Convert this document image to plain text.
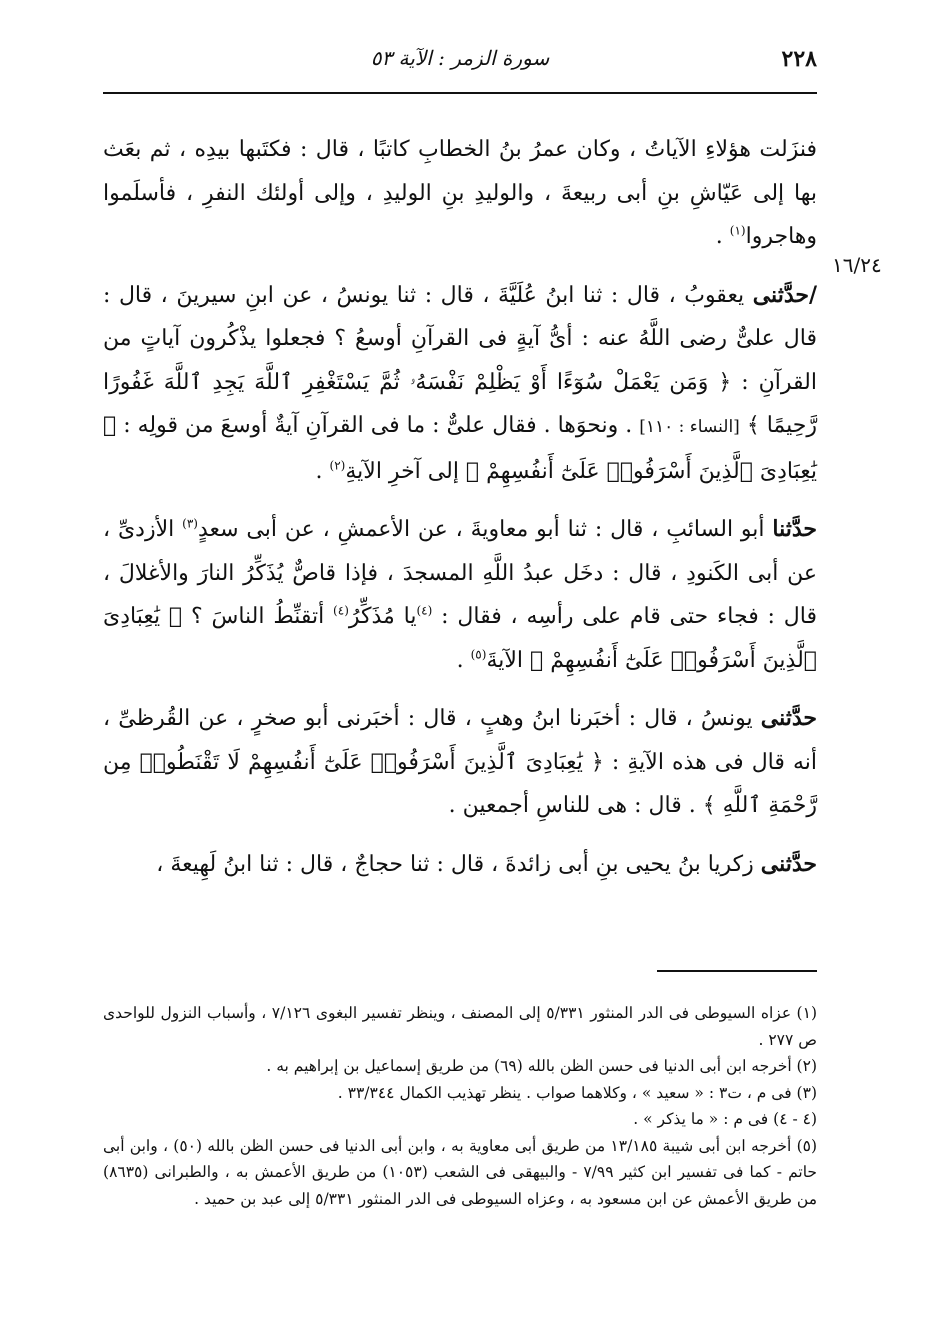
٢٢٨
سورة الزمر : الآية ٥٣
١٦/٢٤

فنزَلت هؤلاءِ الآياتُ ، وكان عمرُ بنُ الخطابِ كاتبًا ، قال : فكتَبها بيدِه ، ثم بعَث بها إلى عَيّاشِ بنِ أبى ربيعةَ ، والوليدِ بنِ الوليدِ ، وإلى أولئك النفرِ ، فأسلَموا وهاجروا$^{(١)}$ .

/حدَّثنى يعقوبُ ، قال : ثنا ابنُ عُلَيَّةَ ، قال : ثنا يونسُ ، عن ابنِ سيرينَ ، قال : قال علىٌّ رضى اللَّهُ عنه : أىُّ آيةٍ فى القرآنِ أوسعُ ؟ فجعلوا يذْكُرون آياتٍ من القرآنِ : ﴿ وَمَن يَعْمَلْ سُوٓءًا أَوْ يَظْلِمْ نَفْسَهُۥ ثُمَّ يَسْتَغْفِرِ ٱللَّهَ يَجِدِ ٱللَّهَ غَفُورًا رَّحِيمًا ﴾ [النساء : ١١٠] . ونحوَها . فقال علىٌّ : ما فى القرآنِ آيةٌ أوسعَ من قولِه : ﴿ يَٰعِبَادِىَ ٱلَّذِينَ أَسْرَفُوا۟ عَلَىٰٓ أَنفُسِهِمْ ﴾ إلى آخرِ الآيةِ$^{(٢)}$ .

حدَّثنا أبو السائبِ ، قال : ثنا أبو معاويةَ ، عن الأعمشِ ، عن أبى سعدٍ$^{(٣)}$ الأزدىِّ ، عن أبى الكَنودِ ، قال : دخَل عبدُ اللَّهِ المسجدَ ، فإذا قاصٌّ يُذَكِّرُ النارَ والأغلالَ ، قال : فجاء حتى قام على رأسِه ، فقال : $^{(٤)}$يا مُذَكِّرُ$^{(٤)}$ أتقنِّطُ الناسَ ؟ ﴿ يَٰعِبَادِىَ ٱلَّذِينَ أَسْرَفُوا۟ عَلَىٰٓ أَنفُسِهِمْ ﴾ الآيةَ$^{(٥)}$ .

حدَّثنى يونسُ ، قال : أخبَرنا ابنُ وهبٍ ، قال : أخبَرنى أبو صخرٍ ، عن القُرظىِّ ، أنه قال فى هذه الآيةِ : ﴿ يَٰعِبَادِىَ ٱلَّذِينَ أَسْرَفُوا۟ عَلَىٰٓ أَنفُسِهِمْ لَا تَقْنَطُوا۟ مِن رَّحْمَةِ ٱللَّهِ ﴾ . قال : هى للناسِ أجمعين .

حدَّثنى زكريا بنُ يحيى بنِ أبى زائدةَ ، قال : ثنا حجاجٌ ، قال : ثنا ابنُ لَهِيعةَ ،

(١) عزاه السيوطى فى الدر المنثور ٥/٣٣١ إلى المصنف ، وينظر تفسير البغوى ٧/١٢٦ ، وأسباب النزول للواحدى ص ٢٧٧ .

(٢) أخرجه ابن أبى الدنيا فى حسن الظن بالله (٦٩) من طريق إسماعيل بن إبراهيم به .

(٣) فى م ، ت٣ : « سعيد » ، وكلاهما صواب . ينظر تهذيب الكمال ٣٣/٣٤٤ .

(٤ - ٤) فى م : « ما يذكر » .

(٥) أخرجه ابن أبى شيبة ١٣/١٨٥ من طريق أبى معاوية به ، وابن أبى الدنيا فى حسن الظن بالله (٥٠) ، وابن أبى حاتم - كما فى تفسير ابن كثير ٧/٩٩ - والبيهقى فى الشعب (١٠٥٣) من طريق الأعمش به ، والطبرانى (٨٦٣٥) من طريق الأعمش عن ابن مسعود به ، وعزاه السيوطى فى الدر المنثور ٥/٣٣١ إلى عبد بن حميد .
